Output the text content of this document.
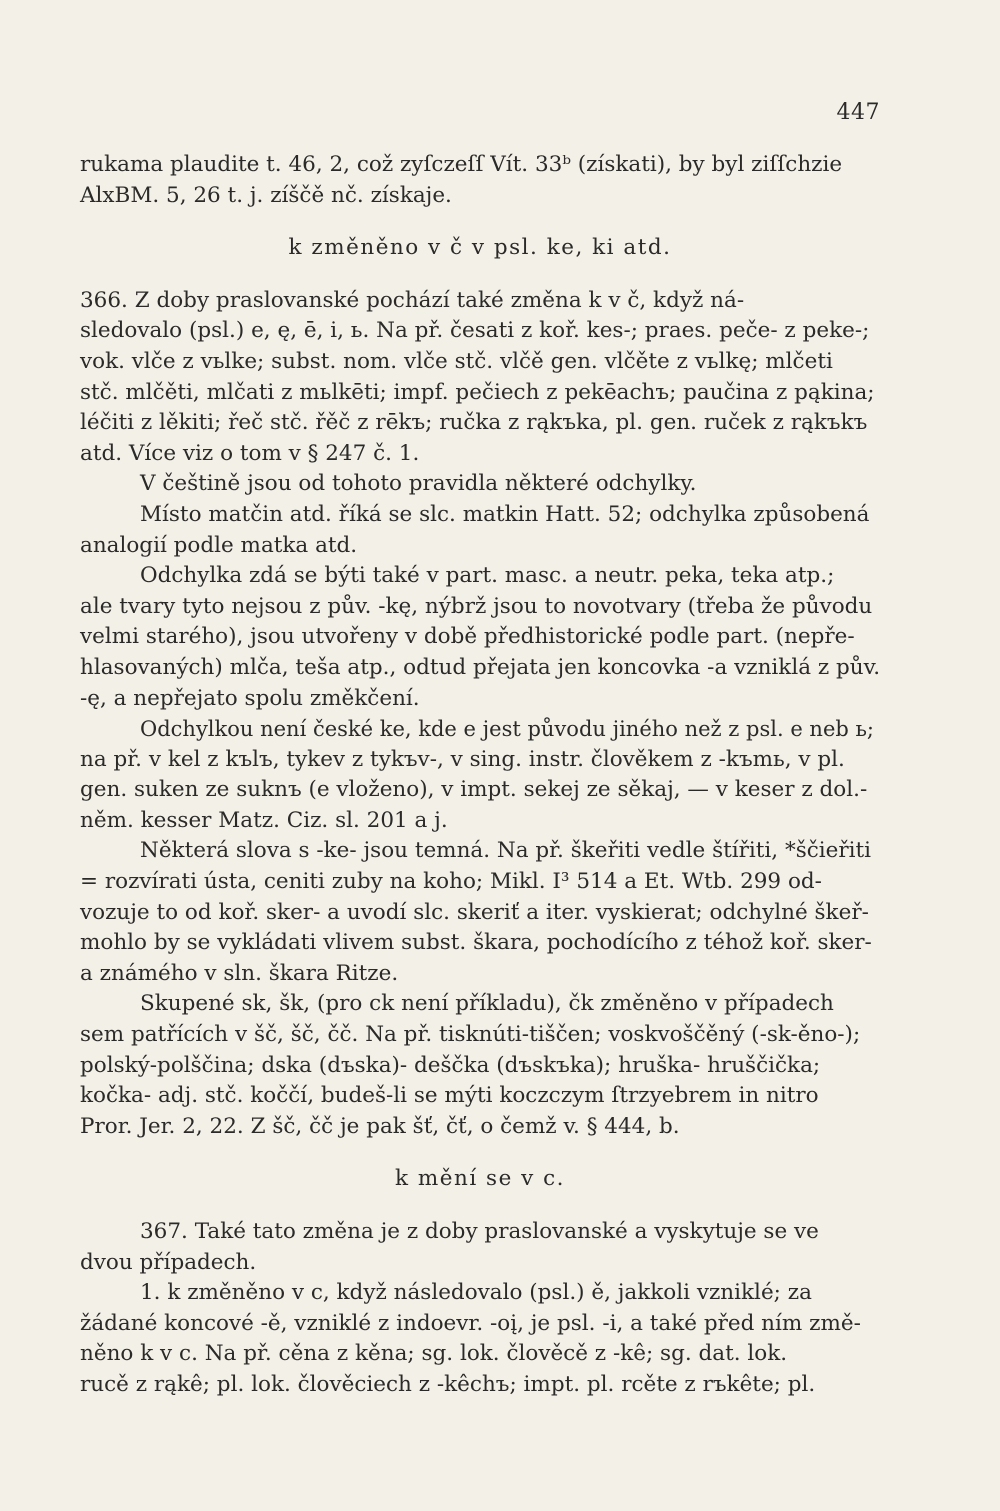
447
rukama plaudite t. 46, 2, což zyſczeſſ Vít. 33ᵇ (získati), by byl ziſſchzie
AlxBM. 5, 26 t. j. zíščě nč. získaje.
k změněno v č v psl. ke, ki atd.
366. Z doby praslovanské pochází také změna k v č, když ná-
sledovalo (psl.) e, ę, ē, i, ь. Na př. česati z koř. kes-; praes. peče- z peke-;
vok. vlče z vьlke; subst. nom. vlče stč. vlčě gen. vlčěte z vьlkę; mlčeti
stč. mlčěti, mlčati z mьlkēti; impf. pečiech z pekēachъ; paučina z pąkina;
léčiti z lěkiti; řeč stč. řěč z rēkъ; ručka z rąkъka, pl. gen. ruček z rąkъkъ
atd. Více viz o tom v § 247 č. 1.
V češtině jsou od tohoto pravidla některé odchylky.
Místo matčin atd. říká se slc. matkin Hatt. 52; odchylka způsobená
analogií podle matka atd.
Odchylka zdá se býti také v part. masc. a neutr. peka, teka atp.;
ale tvary tyto nejsou z pův. -kę, nýbrž jsou to novotvary (třeba že původu
velmi starého), jsou utvořeny v době předhistorické podle part. (nepře-
hlasovaných) mlča, teša atp., odtud přejata jen koncovka -a vzniklá z pův.
-ę, a nepřejato spolu změkčení.
Odchylkou není české ke, kde e jest původu jiného než z psl. e neb ь;
na př. v kel z kъlъ, tykev z tykъv-, v sing. instr. člověkem z -kъmь, v pl.
gen. suken ze suknъ (e vloženo), v impt. sekej ze sěkaj, — v keser z dol.-
něm. kesser Matz. Ciz. sl. 201 a j.
Některá slova s -ke- jsou temná. Na př. škeřiti vedle štířiti, *ščieřiti
= rozvírati ústa, ceniti zuby na koho; Mikl. I³ 514 a Et. Wtb. 299 od-
vozuje to od koř. sker- a uvodí slc. skeriť a iter. vyskierat; odchylné škeř-
mohlo by se vykládati vlivem subst. škara, pochodícího z téhož koř. sker-
a známého v sln. škara Ritze.
Skupené sk, šk, (pro ck není příkladu), čk změněno v případech
sem patřících v šč, šč, čč. Na př. tisknúti-tiščen; voskvoščěný (-sk-ěno-);
polský-polščina; dska (dъska)- deščka (dъskъka); hruška- hruščička;
kočka- adj. stč. koččí, budeš-li se mýti koczczym ſtrzyebrem in nitro
Pror. Jer. 2, 22. Z šč, čč je pak šť, čť, o čemž v. § 444, b.
k mění se v c.
367. Také tato změna je z doby praslovanské a vyskytuje se ve
dvou případech.
1. k změněno v c, když následovalo (psl.) ě, jakkoli vzniklé; za
žádané koncové -ě, vzniklé z indoevr. -oį, je psl. -i, a také před ním změ-
něno k v c. Na př. cěna z kěna; sg. lok. člověcě z -kê; sg. dat. lok.
rucě z rąkê; pl. lok. člověciech z -kêchъ; impt. pl. rcěte z rъkête; pl.
